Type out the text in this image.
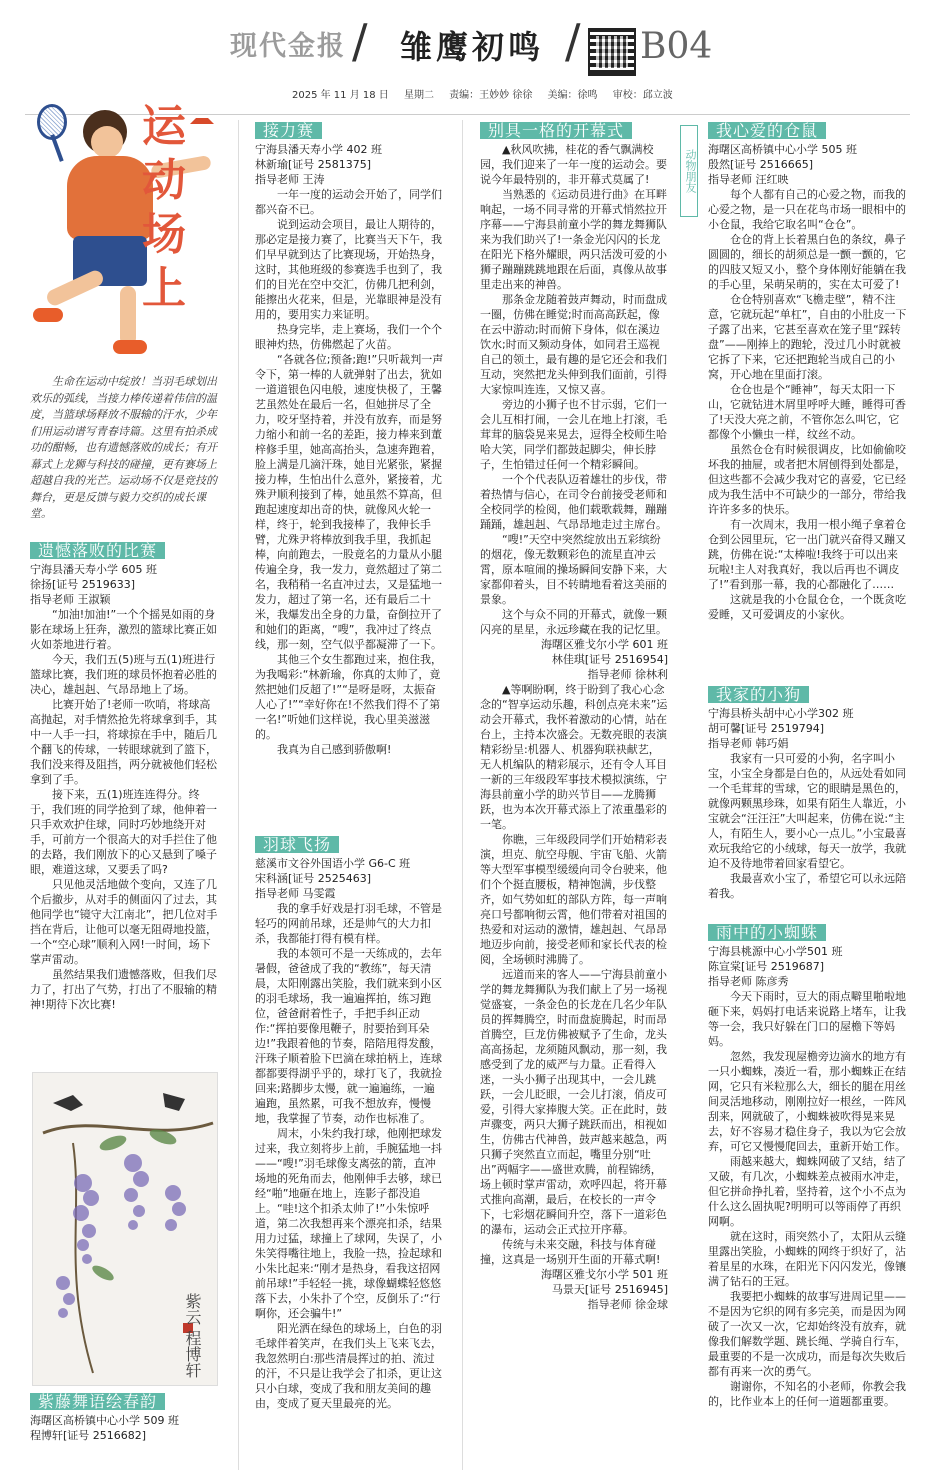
现代金报 / 雏鹰初鸣 / B04
2025 年 11 月 18 日 星期二 责编：王妙妙 徐徐 美编：徐鸣 审校：邱立波
运动场上
生命在运动中绽放！当羽毛球划出欢乐的弧线，当接力棒传递着伟信的温度，当篮球场释放不服输的汗水，少年们用运动谱写青春诗篇。这里有拍杀成功的酣畅，也有遗憾落败的成长；有开幕式上龙狮与科技的碰撞，更有赛场上超越自我的光芒。运动场不仅是竞技的舞台，更是反馈与毅力交织的成长课堂。
遗憾落败的比赛
宁海县潘天寿小学 605 班
徐扬[证号 2519633]
指导老师 王淑颖

“加油!加油!”一个个摇晃如雨的身影在球场上狂奔，激烈的篮球比赛正如火如荼地进行着。

今天，我们五(5)班与五(1)班进行篮球比赛，我们班的球员怀抱着必胜的决心，雄赳赳、气昂昂地上了场。

比赛开始了!老师一吹哨，将球高高抛起，对手情然抢先将球拿到手，其中一人手一扫，将球掠在手中，随后几个翻飞的传球，一转眼球就到了篮下，我们没来得及阻挡，两分就被他们轻松拿到了手。

接下来，五(1)班连连得分。终于，我们班的同学抢到了球，他伸着一只手欢欢护住球，同时巧妙地绕开对手，可前方一个很高大的对手拦住了他的去路，我们刚放下的心又悬到了嗓子眼，难道这球，又要丢了吗?

只见他灵活地做个变向，又连了几个后撤步，从对手的侧面闪了过去，其他同学也“镜守大江南北”，把几位对手挡在背后，让他可以毫无阻碍地投篮，一个“空心球”顺利入网!一时间，场下掌声雷动。

虽然结果我们遗憾落败，但我们尽力了，打出了气势，打出了不服输的精神!期待下次比赛!

紫云 程博轩
紫藤舞语绘春韵
海曙区高桥镇中心小学 509 班
程博轩[证号 2516682]
接力赛
宁海县潘天寿小学 402 班
林新瑜[证号 2581375]
指导老师 王涛

一年一度的运动会开始了，同学们都兴奋不已。

说到运动会项目，最让人期待的，那必定是接力赛了，比赛当天下午，我们早早就到达了比赛现场，开始热身，这时，其他班级的参赛选手也到了，我们的目光在空中交汇，仿佛几把利剑，能擦出火花来，但是，光靠眼神是没有用的，要用实力来证明。

热身完毕，走上赛场，我们一个个眼神灼热，仿佛燃起了火苗。

“各就各位;预备;跑!”只听裁判一声令下，第一棒的人就弹射了出去，犹如一道道银色闪电般，速度快极了，王馨艺虽然处在最后一名，但她拼尽了全力，咬牙坚持着，并没有放弃，而是努力缩小和前一名的差距，接力棒来到董梓修手里，她高高抬头，急速奔跑着，脸上满是几滴汗珠，她目光紧张，紧握接力棒，生怕出什么意外，紧接着，尤殊尹顺利接到了棒，她虽然不算高，但跑起速度却出奇的快，就像风火轮一样，终于，轮到我接棒了，我伸长手臂，尤殊尹将棒放到我手里，我抓起棒，向前跑去，一股竟名的力量从小腿传遍全身，我一发力，竟然超过了第二名，我稍稍一名直冲过去，又是猛地一发力，超过了第一名，还有最后二十米，我爆发出全身的力量，奋倒拉开了和她们的距离，“嗖”，我冲过了终点线，那一刻，空气似乎都凝滞了一下。

其他三个女生都跑过来，抱住我，为我喝彩:“林新瑜，你真的太帅了，竟然把她们反超了!”“是呀是呀，太振奋人心了!”“幸好你在!不然我们得不了第一名!”听她们这样说，我心里美滋滋的。

我真为自己感到骄傲啊!

羽球飞扬
慈溪市文谷外国语小学 G6-C 班
宋科涵[证号 2525463]
指导老师 马雯霞

我的拿手好戏是打羽毛球，不管是轻巧的网前吊球，还是帅气的大力扣杀，我都能打得有模有样。

我的本领可不是一天练成的，去年暑假，爸爸成了我的“教练”，每天清晨，太阳刚露出笑脸，我们就来到小区的羽毛球场，我一遍遍挥拍，练习跑位，爸爸耐着性子，手把手纠正动作:“挥拍要像甩鞭子，肘要抬到耳朵边!”我跟着他的节奏，陪陪甩得发酸，汗珠子顺着脸下巴滴在球拍柄上，连球都都要得湖乎乎的，球打飞了，我就捡回来;路脚步太慢，就一遍遍练，一遍遍跑，虽然累，可我不想放弃，慢慢地，我掌握了节奏，动作也标准了。

周末，小朱约我打球，他刚把球发过来，我立刻将步上前，手腕猛地一抖——“嗖!”羽毛球像支离弦的箭，直冲场地的死角而去，他刚伸手去够，球已经“啪”地砸在地上，连影子都没追上。“哇!这个扣杀太帅了!”小朱惊呼道，第二次我想再来个漂亮扣杀，结果用力过猛，球撞上了球网，失误了，小朱笑得嘴往地上，我脸一热，捡起球和小朱比起来:“刚才是热身，看我这招网前吊球!”手轻轻一挑，球像蝴蝶轻悠悠落下去，小朱扑了个空，反倒乐了:“行啊你，还会骗牛!”

阳光洒在绿色的球场上，白色的羽毛球伴着笑声，在我们头上飞来飞去，我忽然明白:那些清晨挥过的拍、流过的汗，不只是让我学会了扣杀，更让这只小白球，变成了我和朋友美间的趣由，变成了夏天里最亮的光。

别具一格的开幕式

▲秋风吹拂，桂花的香气飘满校园，我们迎来了一年一度的运动会。要说今年最特别的，非开幕式莫属了!

当熟悉的《运动员进行曲》在耳畔响起，一场不同寻常的开幕式悄然拉开序幕——宁海县前童小学的舞龙舞狮队来为我们助兴了!一条金光闪闪的长龙在阳光下格外耀眼，两只活泼可爱的小狮子蹦蹦跳跳地跟在后面，真像从故事里走出来的神兽。

那条金龙随着鼓声舞动，时而盘成一圈，仿佛在睡觉;时而高高跃起，像在云中游动;时而俯下身体，似在溪边饮水;时而又频动身体，如同君王巡视自己的领土，最有趣的是它还会和我们互动，突然把龙头伸到我们面前，引得大家惊叫连连，又惊又喜。

旁边的小狮子也不甘示弱，它们一会儿互相打闹，一会儿在地上打滚，毛茸茸的脑袋晃来晃去，逗得全校师生哈哈大笑，同学们都鼓起脚尖，伸长脖子，生怕错过任何一个精彩瞬间。

一个个代表队迈着雄壮的步伐，带着热情与信心，在司令台前接受老师和全校同学的检阅，他们载歌载舞，蹦蹦踊踊，雄赳赳、气昂昂地走过主席台。

“嗖!”天空中突然绽放出五彩缤纷的烟花，像无数颗彩色的流星直冲云霄，原本喧闹的操场瞬间安静下来，大家都仰着头，目不转睛地看着这美丽的景象。

这个与众不同的开幕式，就像一颗闪亮的星星，永远珍藏在我的记忆里。

海曙区雅戈尔小学 601 班
林佳琪[证号 2516954]
指导老师 徐林利

▲等啊盼啊，终于盼到了我心心念念的“智享运动乐趣，科创点亮未来”运动会开幕式，我怀着激动的心情，站在台上，主持本次盛会。无数亮眼的表演精彩纷呈:机器人、机器狗联袂献艺，无人机编队的精彩展示，还有令人耳目一新的三年级段军事技术模拟演练，宁海县前童小学的助兴节目——龙腾狮跃，也为本次开幕式添上了浓重墨彩的一笔。

你瞧，三年级段同学们开始精彩表演，坦克、航空母舰、宇宙飞船、火箭等大型军事模型缓缓向司令台驶来，他们个个挺直腰板，精神饱满，步伐整齐，如气势如虹的部队方阵，每一声响亮口号都响彻云霄，他们带着对祖国的热爱和对运动的激情，雄赳赳、气昂昂地迈步向前，接受老师和家长代表的检阅，全场顿时沸腾了。

远道而来的客人——宁海县前童小学的舞龙舞狮队为我们献上了另一场视觉盛宴，一条金色的长龙在几名少年队员的挥舞腾空，时而盘旋腾起，时而昂首腾空，巨龙仿佛被赋予了生命，龙头高高扬起，龙须随风飘动，那一刻，我感受到了龙的威严与力量。正看得入迷，一头小狮子出现其中，一会儿跳跃，一会儿眨眼，一会儿打滚，俏皮可爱，引得大家捧腹大笑。正在此时，鼓声骤变，两只大狮子跳跃而出，相视如生，仿佛古代神兽，鼓声越来越急，两只狮子突然直立而起，嘴里分别“吐出”两幅字——盛世欢腾，前程锦绣，场上顿时掌声雷动，欢呼四起，将开幕式推向高潮，最后，在校长的一声令下，七彩烟花瞬间升空，落下一道彩色的瀑布，运动会正式拉开序幕。

传统与未来交融，科技与体育碰撞，这真是一场别开生面的开幕式啊!

海曙区雅戈尔小学 501 班
马景天[证号 2516945]
指导老师 徐金球
动物朋友
我心爱的仓鼠
海曙区高桥镇中心小学 505 班
殷然[证号 2516665]
指导老师 汪红映

每个人都有自己的心爱之物，而我的心爱之物，是一只在花鸟市场一眼相中的小仓鼠，我给它取名叫“仓仓”。

仓仓的背上长着黑白色的条纹，鼻子圆圆的，细长的胡须总是一颤一颤的，它的四肢又短又小，整个身体刚好能躺在我的手心里，呆萌呆萌的，实在太可爱了!

仓仓特别喜欢“飞檐走壁”，精不注意，它就玩起“单杠”，自由的小肚皮一下子露了出来，它甚至喜欢在笼子里“踩转盘”——刚捧上的跑轮，没过几小时就被它拆了下来，它还把跑轮当成自己的小窝，开心地在里面打滚。

仓仓也是个“睡神”，每天太阳一下山，它就钻进木屑里呼呼大睡，睡得可香了!天没大亮之前，不管你怎么叫它，它都像个小懒虫一样，纹丝不动。

虽然仓仓有时候很调皮，比如偷偷咬坏我的抽屉，或者把木屑刨得到处都是，但这些都不会减少我对它的喜爱，它已经成为我生活中不可缺少的一部分，带给我许许多多的快乐。

有一次周末，我用一根小绳子拿着仓仓到公园里玩，它一出门就兴奋得又蹦又跳，仿佛在说:“太棒啦!我终于可以出来玩啦!主人对我真好，我以后再也不调皮了!”看到那一幕，我的心都融化了……

这就是我的小仓鼠仓仓，一个既贪吃爱睡，又可爱调皮的小家伙。

我家的小狗
宁海县桥头胡中心小学302 班
胡可馨[证号 2519794]
指导老师 韩巧娟

我家有一只可爱的小狗，名字叫小宝，小宝全身都是白色的，从远处看如同一个毛茸茸的雪球，它的眼睛是黑色的，就像两颗黑珍珠，如果有陌生人靠近，小宝就会“汪汪汪”大叫起来，仿佛在说:“主人，有陌生人，要小心一点儿。”小宝最喜欢玩我给它的小绒球，每天一放学，我就迫不及待地带着回家看望它。

我最喜欢小宝了，希望它可以永远陪着我。

雨中的小蜘蛛
宁海县桃源中心小学501 班
陈宣棠[证号 2519687]
指导老师 陈彦秀

今天下雨时，豆大的雨点噼里啪啦地砸下来，妈妈打电话来说路上堵车，让我等一会，我只好躲在门口的屋檐下等妈妈。

忽然，我发现屋檐旁边滴水的地方有一只小蜘蛛，凑近一看，那小蜘蛛正在结网，它只有米粒那么大，细长的腿在用丝间灵活地移动，刚刚拉好一根丝，一阵风刮来，网就破了，小蜘蛛被吹得晃来晃去，好不容易才稳住身子，我以为它会放弃，可它又慢慢爬回去，重新开始工作。

雨越来越大，蜘蛛网破了又结，结了又破，有几次，小蜘蛛差点被雨水冲走，但它拼命挣扎着，坚持着，这个小不点为什么这么固执呢?明明可以等雨停了再织网啊。

就在这时，雨突然小了，太阳从云缝里露出笑脸，小蜘蛛的网终于织好了，沾着星星的水珠，在阳光下闪闪发光，像镶满了钻石的王冠。

我要把小蜘蛛的故事写进周记里——不是因为它织的网有多完美，而是因为网破了一次又一次，它却始终没有放弃，就像我们解数学题、跳长绳、学骑自行车，最重要的不是一次成功，而是每次失败后都有再来一次的勇气。

谢谢你，不知名的小老师，你教会我的，比作业本上的任何一道题都重要。
